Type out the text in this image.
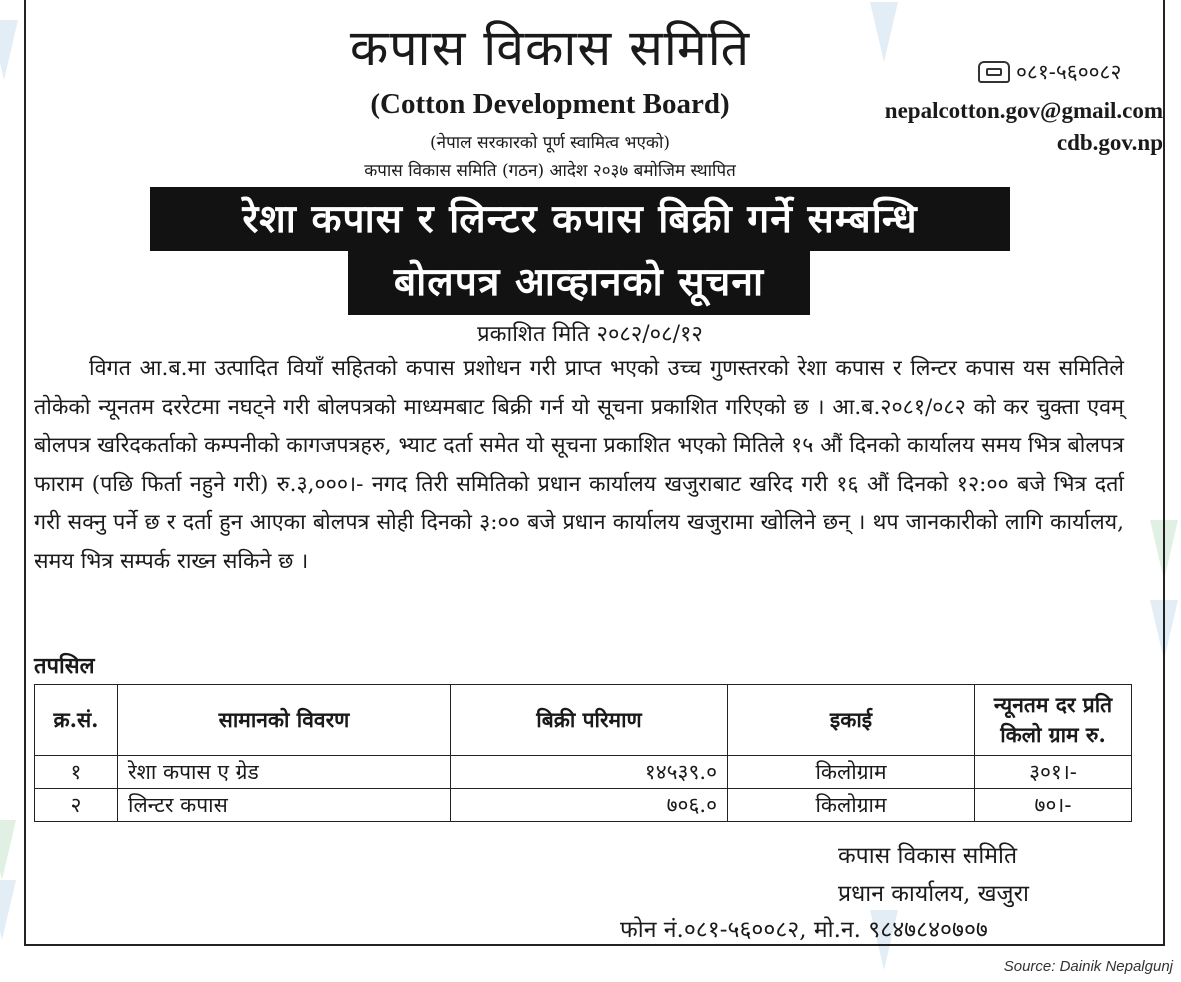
कपास विकास समिति
(Cotton Development Board)
(नेपाल सरकारको पूर्ण स्वामित्व भएको)
कपास विकास समिति (गठन) आदेश २०३७ बमोजिम स्थापित
०८१-५६००८२
nepalcotton.gov@gmail.com
cdb.gov.np
रेशा कपास र लिन्टर कपास बिक्री गर्ने सम्बन्धि
बोलपत्र आव्हानको सूचना
प्रकाशित मिति २०८२/०८/१२
विगत आ.ब.मा उत्पादित वियाँ सहितको कपास प्रशोधन गरी प्राप्त भएको उच्च गुणस्तरको रेशा कपास र लिन्टर कपास यस समितिले तोकेको न्यूनतम दररेटमा नघट्ने गरी बोलपत्रको माध्यमबाट बिक्री गर्न यो सूचना प्रकाशित गरिएको छ । आ.ब.२०८१/०८२ को कर चुक्ता एवम् बोलपत्र खरिदकर्ताको कम्पनीको कागजपत्रहरु, भ्याट दर्ता समेत यो सूचना प्रकाशित भएको मितिले १५ औं दिनको कार्यालय समय भित्र बोलपत्र फाराम (पछि फिर्ता नहुने गरी) रु.३,०००।- नगद तिरी समितिको प्रधान कार्यालय खजुराबाट खरिद गरी १६ औं दिनको १२:०० बजे भित्र दर्ता गरी सक्नु पर्ने छ र दर्ता हुन आएका बोलपत्र सोही दिनको ३:०० बजे प्रधान कार्यालय खजुरामा खोलिने छन् । थप जानकारीको लागि कार्यालय, समय भित्र सम्पर्क राख्न सकिने छ ।
तपसिल
क्र.सं.	सामानको विवरण	बिक्री परिमाण	इकाई	न्यूनतम दर प्रति
किलो ग्राम रु.

१	रेशा कपास ए ग्रेड	१४५३९.०	किलोग्राम	३०१।-
२	लिन्टर कपास	७०६.०	किलोग्राम	७०।-
कपास विकास समिति
प्रधान कार्यालय, खजुरा
फोन नं.०८१-५६००८२, मो.न. ९८४७८४०७०७
Source: Dainik Nepalgunj
